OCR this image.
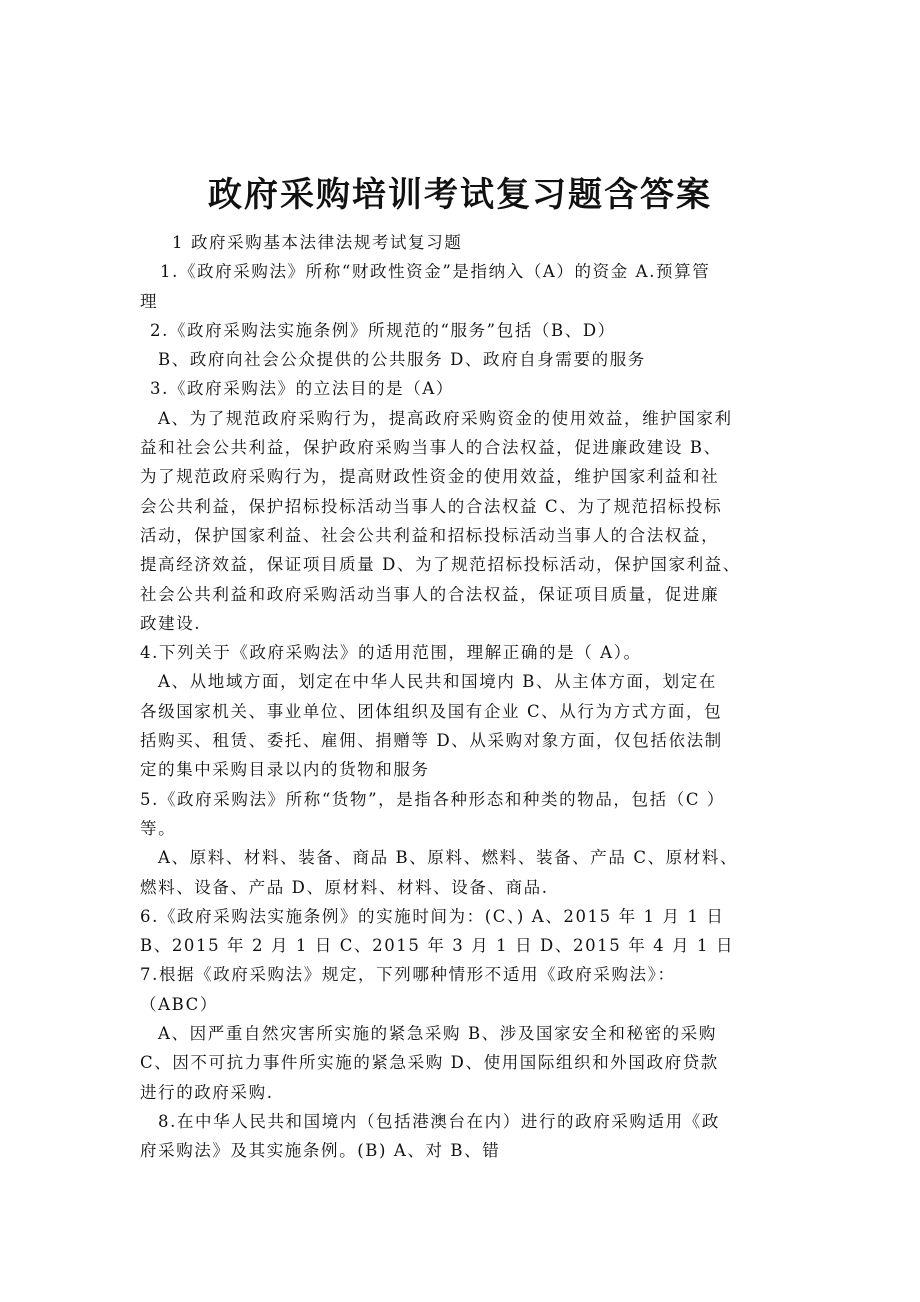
政府采购培训考试复习题含答案
1 政府采购基本法律法规考试复习题
1.《政府采购法》所称“财政性资金”是指纳入（A）的资金 A.预算管
理
2.《政府采购法实施条例》所规范的“服务”包括（B、D）
B、政府向社会公众提供的公共服务 D、政府自身需要的服务
3.《政府采购法》的立法目的是（A）
A、为了规范政府采购行为，提高政府采购资金的使用效益，维护国家利
益和社会公共利益，保护政府采购当事人的合法权益，促进廉政建设 B、
为了规范政府采购行为，提高财政性资金的使用效益，维护国家利益和社
会公共利益，保护招标投标活动当事人的合法权益 C、为了规范招标投标
活动，保护国家利益、社会公共利益和招标投标活动当事人的合法权益，
提高经济效益，保证项目质量 D、为了规范招标投标活动，保护国家利益、
社会公共利益和政府采购活动当事人的合法权益，保证项目质量，促进廉
政建设.
4.下列关于《政府采购法》的适用范围，理解正确的是（ A）。
A、从地域方面，划定在中华人民共和国境内 B、从主体方面，划定在
各级国家机关、事业单位、团体组织及国有企业 C、从行为方式方面，包
括购买、租赁、委托、雇佣、捐赠等 D、从采购对象方面，仅包括依法制
定的集中采购目录以内的货物和服务
5.《政府采购法》所称“货物”，是指各种形态和种类的物品，包括（C ）
等。
A、原料、材料、装备、商品 B、原料、燃料、装备、产品 C、原材料、
燃料、设备、产品 D、原材料、材料、设备、商品.
6.《政府采购法实施条例》的实施时间为：(C、) A、2015 年 1 月 1 日
B、2015 年 2 月 1 日 C、2015 年 3 月 1 日 D、2015 年 4 月 1 日
7.根据《政府采购法》规定，下列哪种情形不适用《政府采购法》：
（ABC）
A、因严重自然灾害所实施的紧急采购 B、涉及国家安全和秘密的采购
C、因不可抗力事件所实施的紧急采购 D、使用国际组织和外国政府贷款
进行的政府采购.
8.在中华人民共和国境内（包括港澳台在内）进行的政府采购适用《政
府采购法》及其实施条例。(B) A、对 B、错
